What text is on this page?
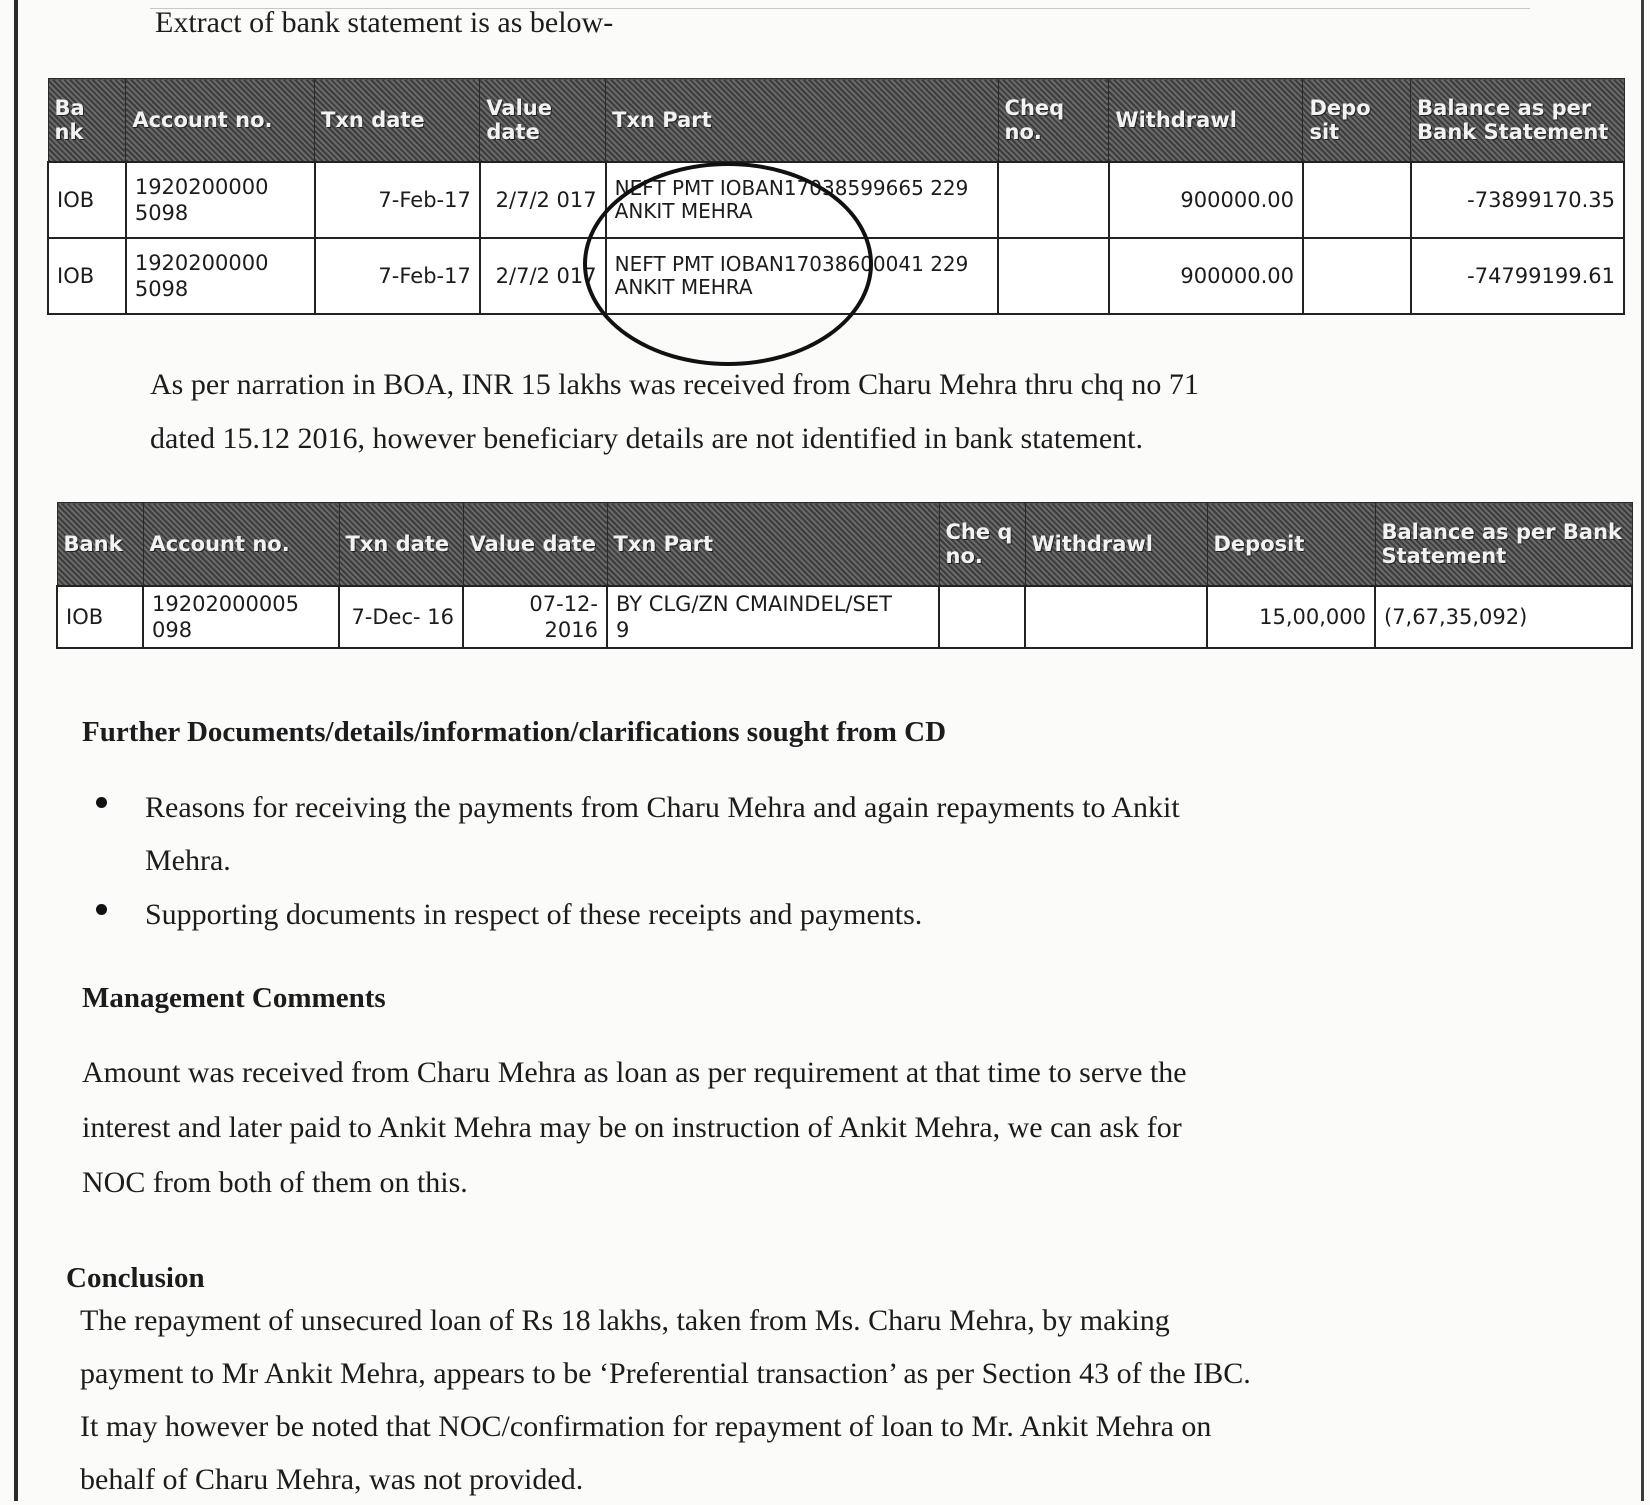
Extract of bank statement is as below-
Ba nk	Account no.	Txn date	Value date	Txn Part	Cheq no.	Withdrawl	Depo sit	Balance as per Bank Statement
IOB	1920200000 5098	7-Feb-17	2/7/2 017	NEFT PMT IOBAN17038599665 229 ANKIT MEHRA		900000.00		-73899170.35
IOB	1920200000 5098	7-Feb-17	2/7/2 017	NEFT PMT IOBAN17038600041 229 ANKIT MEHRA		900000.00		-74799199.61
As per narration in BOA, INR 15 lakhs was received from Charu Mehra thru chq no 71
dated 15.12 2016, however beneficiary details are not identified in bank statement.
Bank	Account no.	Txn date	Value date	Txn Part	Che q no.	Withdrawl	Deposit	Balance as per Bank Statement
IOB	19202000005 098	7-Dec- 16	07-12- 2016	BY CLG/ZN CMAINDEL/SET    9			15,00,000	(7,67,35,092)
Further Documents/details/information/clarifications sought from CD
Reasons for receiving the payments from Charu Mehra and again repayments to Ankit
Mehra.
Supporting documents in respect of these receipts and payments.
Management Comments
Amount was received from Charu Mehra as loan as per requirement at that time to serve the
interest and later paid to Ankit Mehra may be on instruction of Ankit Mehra, we can ask for
NOC from both of them on this.
Conclusion
The repayment of unsecured loan of Rs 18 lakhs, taken from Ms. Charu Mehra, by making
payment to Mr Ankit Mehra, appears to be ‘Preferential transaction’ as per Section 43 of the IBC.
It may however be noted that NOC/confirmation for repayment of loan to Mr. Ankit Mehra on
behalf of Charu Mehra, was not provided.
